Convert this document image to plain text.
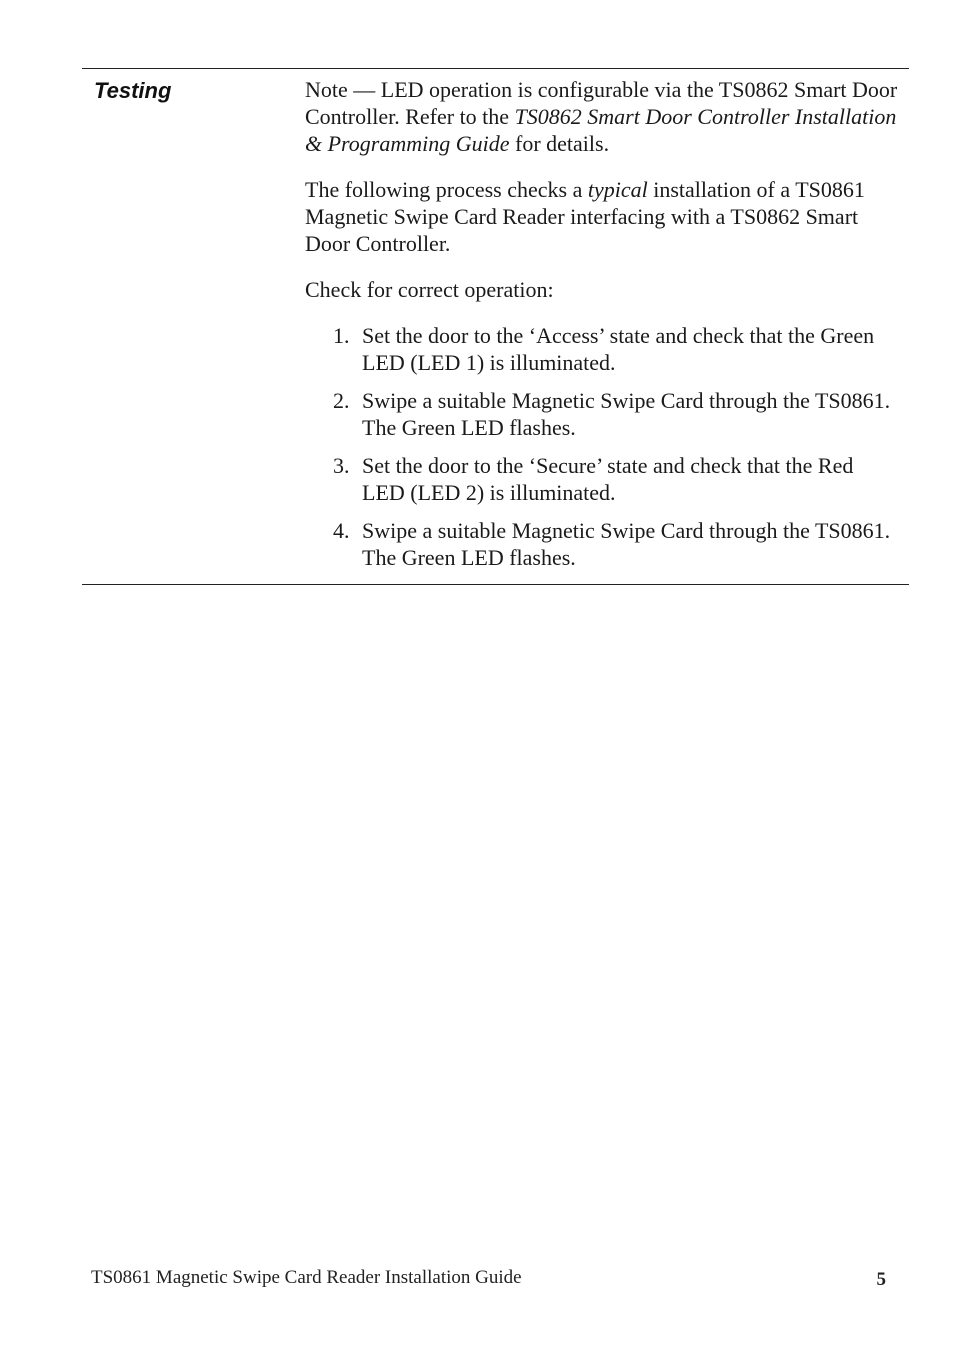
Testing	Note — LED operation is configurable via the TS0862 Smart Door Controller. Refer to the TS0862 Smart Door Controller Installation & Programming Guide for details.

The following process checks a typical installation of a TS0861 Magnetic Swipe Card Reader interfacing with a TS0862 Smart Door Controller.

Check for correct operation:

1. Set the door to the ‘Access’ state and check that the Green LED (LED 1) is illuminated.
2. Swipe a suitable Magnetic Swipe Card through the TS0861. The Green LED flashes.
3. Set the door to the ‘Secure’ state and check that the Red LED (LED 2) is illuminated.
4. Swipe a suitable Magnetic Swipe Card through the TS0861. The Green LED flashes.
TS0861 Magnetic Swipe Card Reader Installation Guide	5
